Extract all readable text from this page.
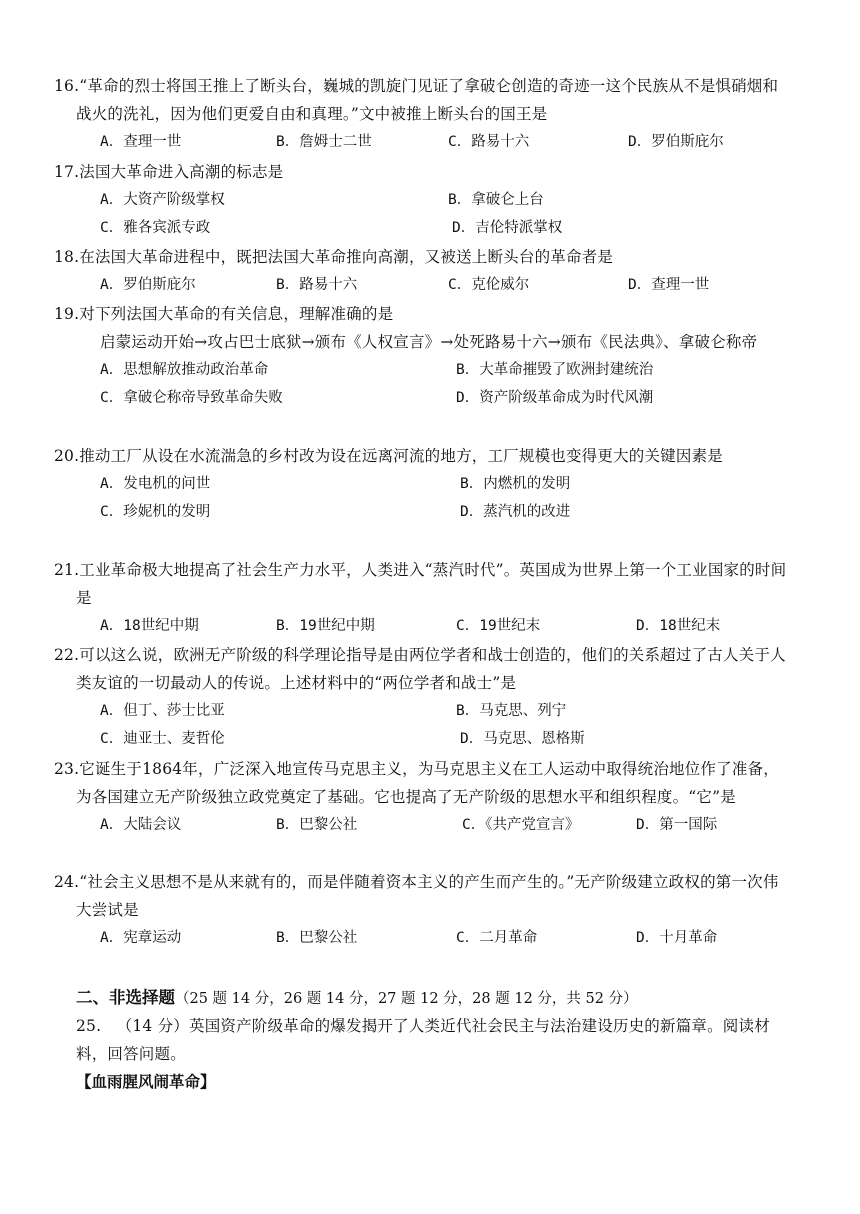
16.“革命的烈士将国王推上了断头台，巍城的凯旋门见证了拿破仑创造的奇迹一这个民族从不是惧硝烟和战火的洗礼，因为他们更爱自由和真理。”文中被推上断头台的国王是
A．查理一世	B．詹姆士二世	C．路易十六	D．罗伯斯庇尔
17.法国大革命进入高潮的标志是
A．大资产阶级掌权	B．拿破仑上台
C．雅各宾派专政	D．吉伦特派掌权
18.在法国大革命进程中，既把法国大革命推向高潮，又被送上断头台的革命者是
A．罗伯斯庇尔	B．路易十六	C．克伦威尔	D．查理一世
19.对下列法国大革命的有关信息，理解准确的是
启蒙运动开始→攻占巴士底狱→颁布《人权宣言》→处死路易十六→颁布《民法典》、拿破仑称帝
A．思想解放推动政治革命	B．大革命摧毁了欧洲封建统治
C．拿破仑称帝导致革命失败	D．资产阶级革命成为时代风潮
20.推动工厂从设在水流湍急的乡村改为设在远离河流的地方，工厂规模也变得更大的关键因素是
A．发电机的问世	B．内燃机的发明
C．珍妮机的发明	D．蒸汽机的改进
21.工业革命极大地提高了社会生产力水平，人类进入“蒸汽时代”。英国成为世界上第一个工业国家的时间是
A．18世纪中期	B．19世纪中期	C．19世纪末	D．18世纪末
22.可以这么说，欧洲无产阶级的科学理论指导是由两位学者和战士创造的，他们的关系超过了古人关于人类友谊的一切最动人的传说。上述材料中的“两位学者和战士”是
A．但丁、莎士比亚	B．马克思、列宁
C．迪亚士、麦哲伦	D．马克思、恩格斯
23.它诞生于1864年，广泛深入地宣传马克思主义，为马克思主义在工人运动中取得统治地位作了准备，为各国建立无产阶级独立政党奠定了基础。它也提高了无产阶级的思想水平和组织程度。“它”是
A．大陆会议	B．巴黎公社	C．《共产党宣言》	D．第一国际
24.“社会主义思想不是从来就有的，而是伴随着资本主义的产生而产生的。”无产阶级建立政权的第一次伟大尝试是
A．宪章运动	B．巴黎公社	C．二月革命	D．十月革命
二、非选择题（25 题 14 分，26 题 14 分，27 题 12 分，28 题 12 分，共 52 分）
25. （14 分）英国资产阶级革命的爆发揭开了人类近代社会民主与法治建设历史的新篇章。阅读材料，回答问题。
【血雨腥风闹革命】
